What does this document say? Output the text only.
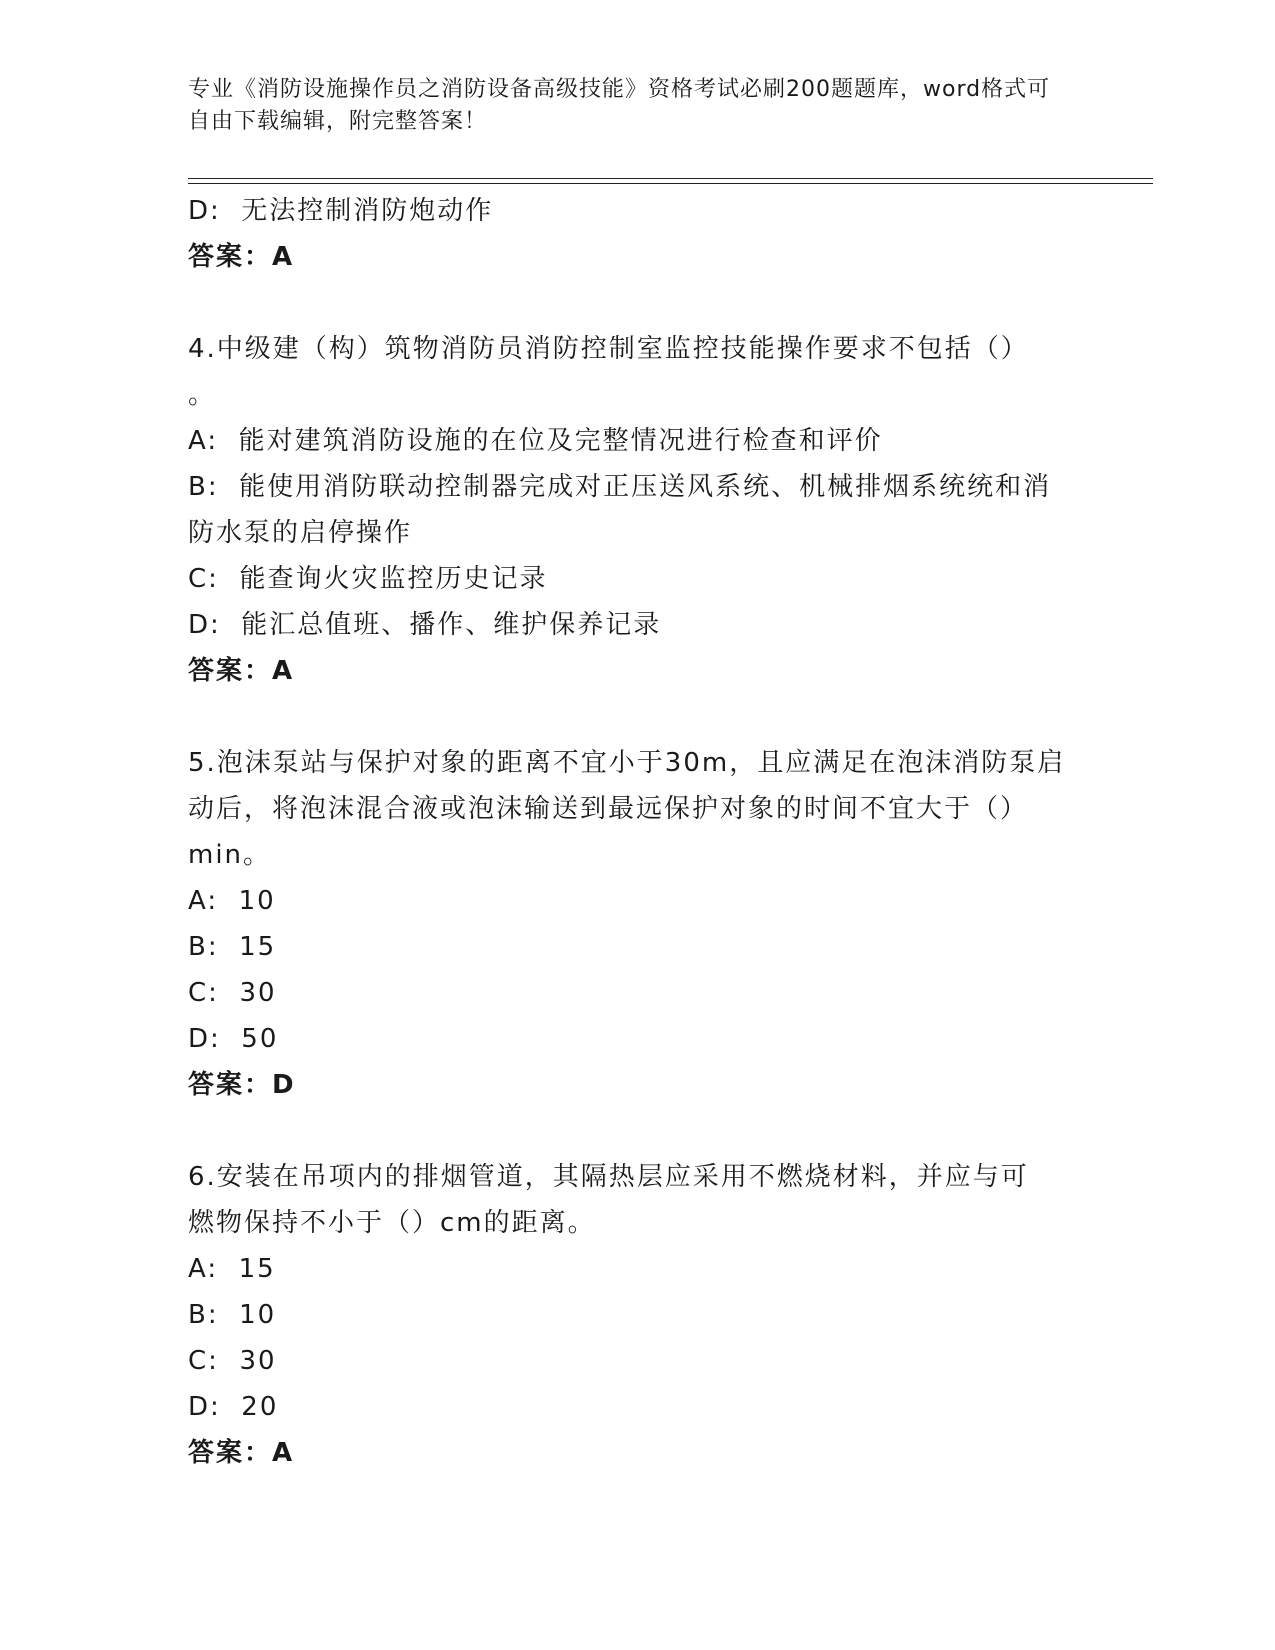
专业《消防设施操作员之消防设备高级技能》资格考试必刷200题题库，word格式可自由下载编辑，附完整答案！

D:  无法控制消防炮动作

答案：A

4.中级建（构）筑物消防员消防控制室监控技能操作要求不包括（）

。

A:  能对建筑消防设施的在位及完整情况进行检查和评价

B:  能使用消防联动控制器完成对正压送风系统、机械排烟系统统和消

防水泵的启停操作

C:  能查询火灾监控历史记录

D:  能汇总值班、播作、维护保养记录

答案：A

5.泡沫泵站与保护对象的距离不宜小于30m，且应满足在泡沫消防泵启

动后，将泡沫混合液或泡沫输送到最远保护对象的时间不宜大于（）

min。

A:  10

B:  15

C:  30

D:  50

答案：D

6.安装在吊项内的排烟管道，其隔热层应采用不燃烧材料，并应与可

燃物保持不小于（）cm的距离。

A:  15

B:  10

C:  30

D:  20

答案：A
